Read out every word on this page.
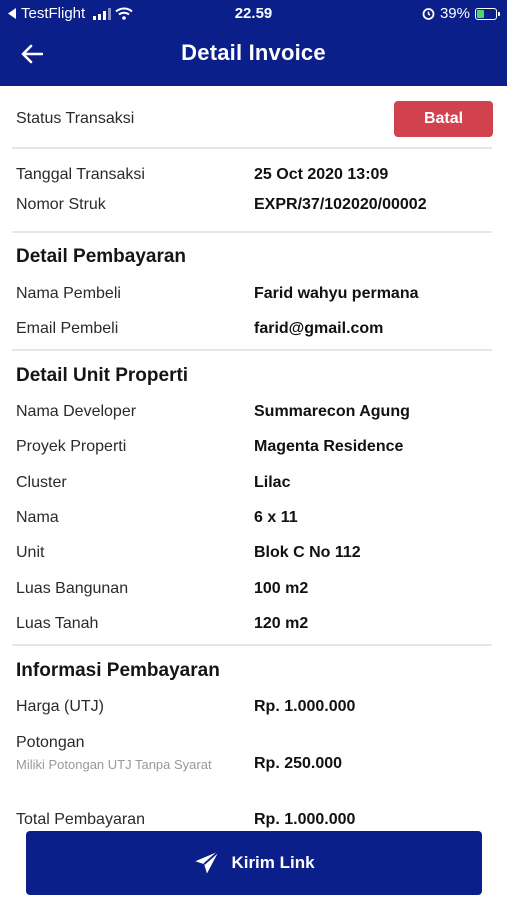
TestFlight	22.59	39%
Detail Invoice
Status Transaksi	Batal
Tanggal Transaksi	25 Oct 2020 13:09
Nomor Struk	EXPR/37/102020/00002
Detail Pembayaran
Nama Pembeli	Farid wahyu permana
Email Pembeli	farid@gmail.com
Detail Unit Properti
Nama Developer	Summarecon Agung
Proyek Properti	Magenta Residence
Cluster	Lilac
Nama	6 x 11
Unit	Blok C No 112
Luas Bangunan	100 m2
Luas Tanah	120 m2
Informasi Pembayaran
Harga (UTJ)	Rp. 1.000.000
Potongan
Miliki Potongan UTJ Tanpa Syarat	Rp. 250.000
Total Pembayaran	Rp. 1.000.000
Kirim Link
